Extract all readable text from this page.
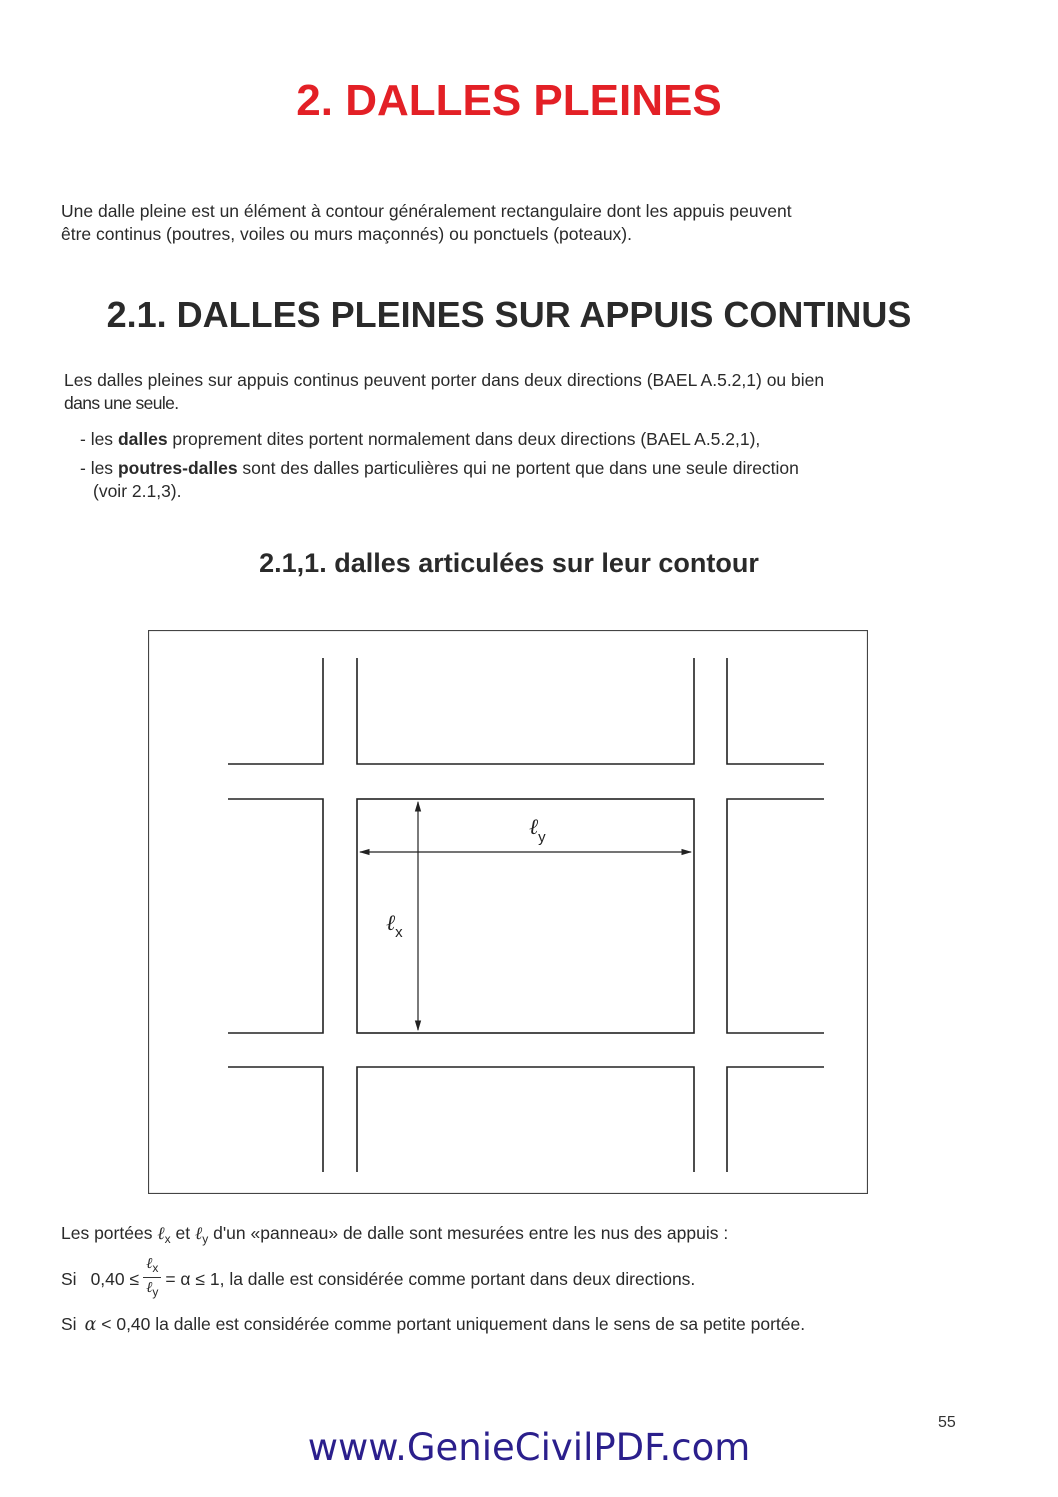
2. DALLES PLEINES

Une dalle pleine est un élément à contour généralement rectangulaire dont les appuis peuvent

être continus (poutres, voiles ou murs maçonnés) ou ponctuels (poteaux).

2.1. DALLES PLEINES SUR APPUIS CONTINUS

Les dalles pleines sur appuis continus peuvent porter dans deux directions (BAEL A.5.2,1) ou bien

dans une seule.

- les dalles proprement dites portent normalement dans deux directions (BAEL A.5.2,1),

- les poutres-dalles sont des dalles particulières qui ne portent que dans une seule direction

(voir 2.1,3).

2.1,1. dalles articulées sur leur contour
ℓ$_y$
ℓ$_x$

Les portées ℓ$_x$ et ℓ$_y$ d'un «panneau» de dalle sont mesurées entre les nus des appuis :

Si $0,40 \le \frac{\ell_x}{\ell_y} = \alpha \le 1$, la dalle est considérée comme portant dans deux directions.

Si α < 0,40 la dalle est considérée comme portant uniquement dans le sens de sa petite portée.

55

www.GenieCivilPDF.com
